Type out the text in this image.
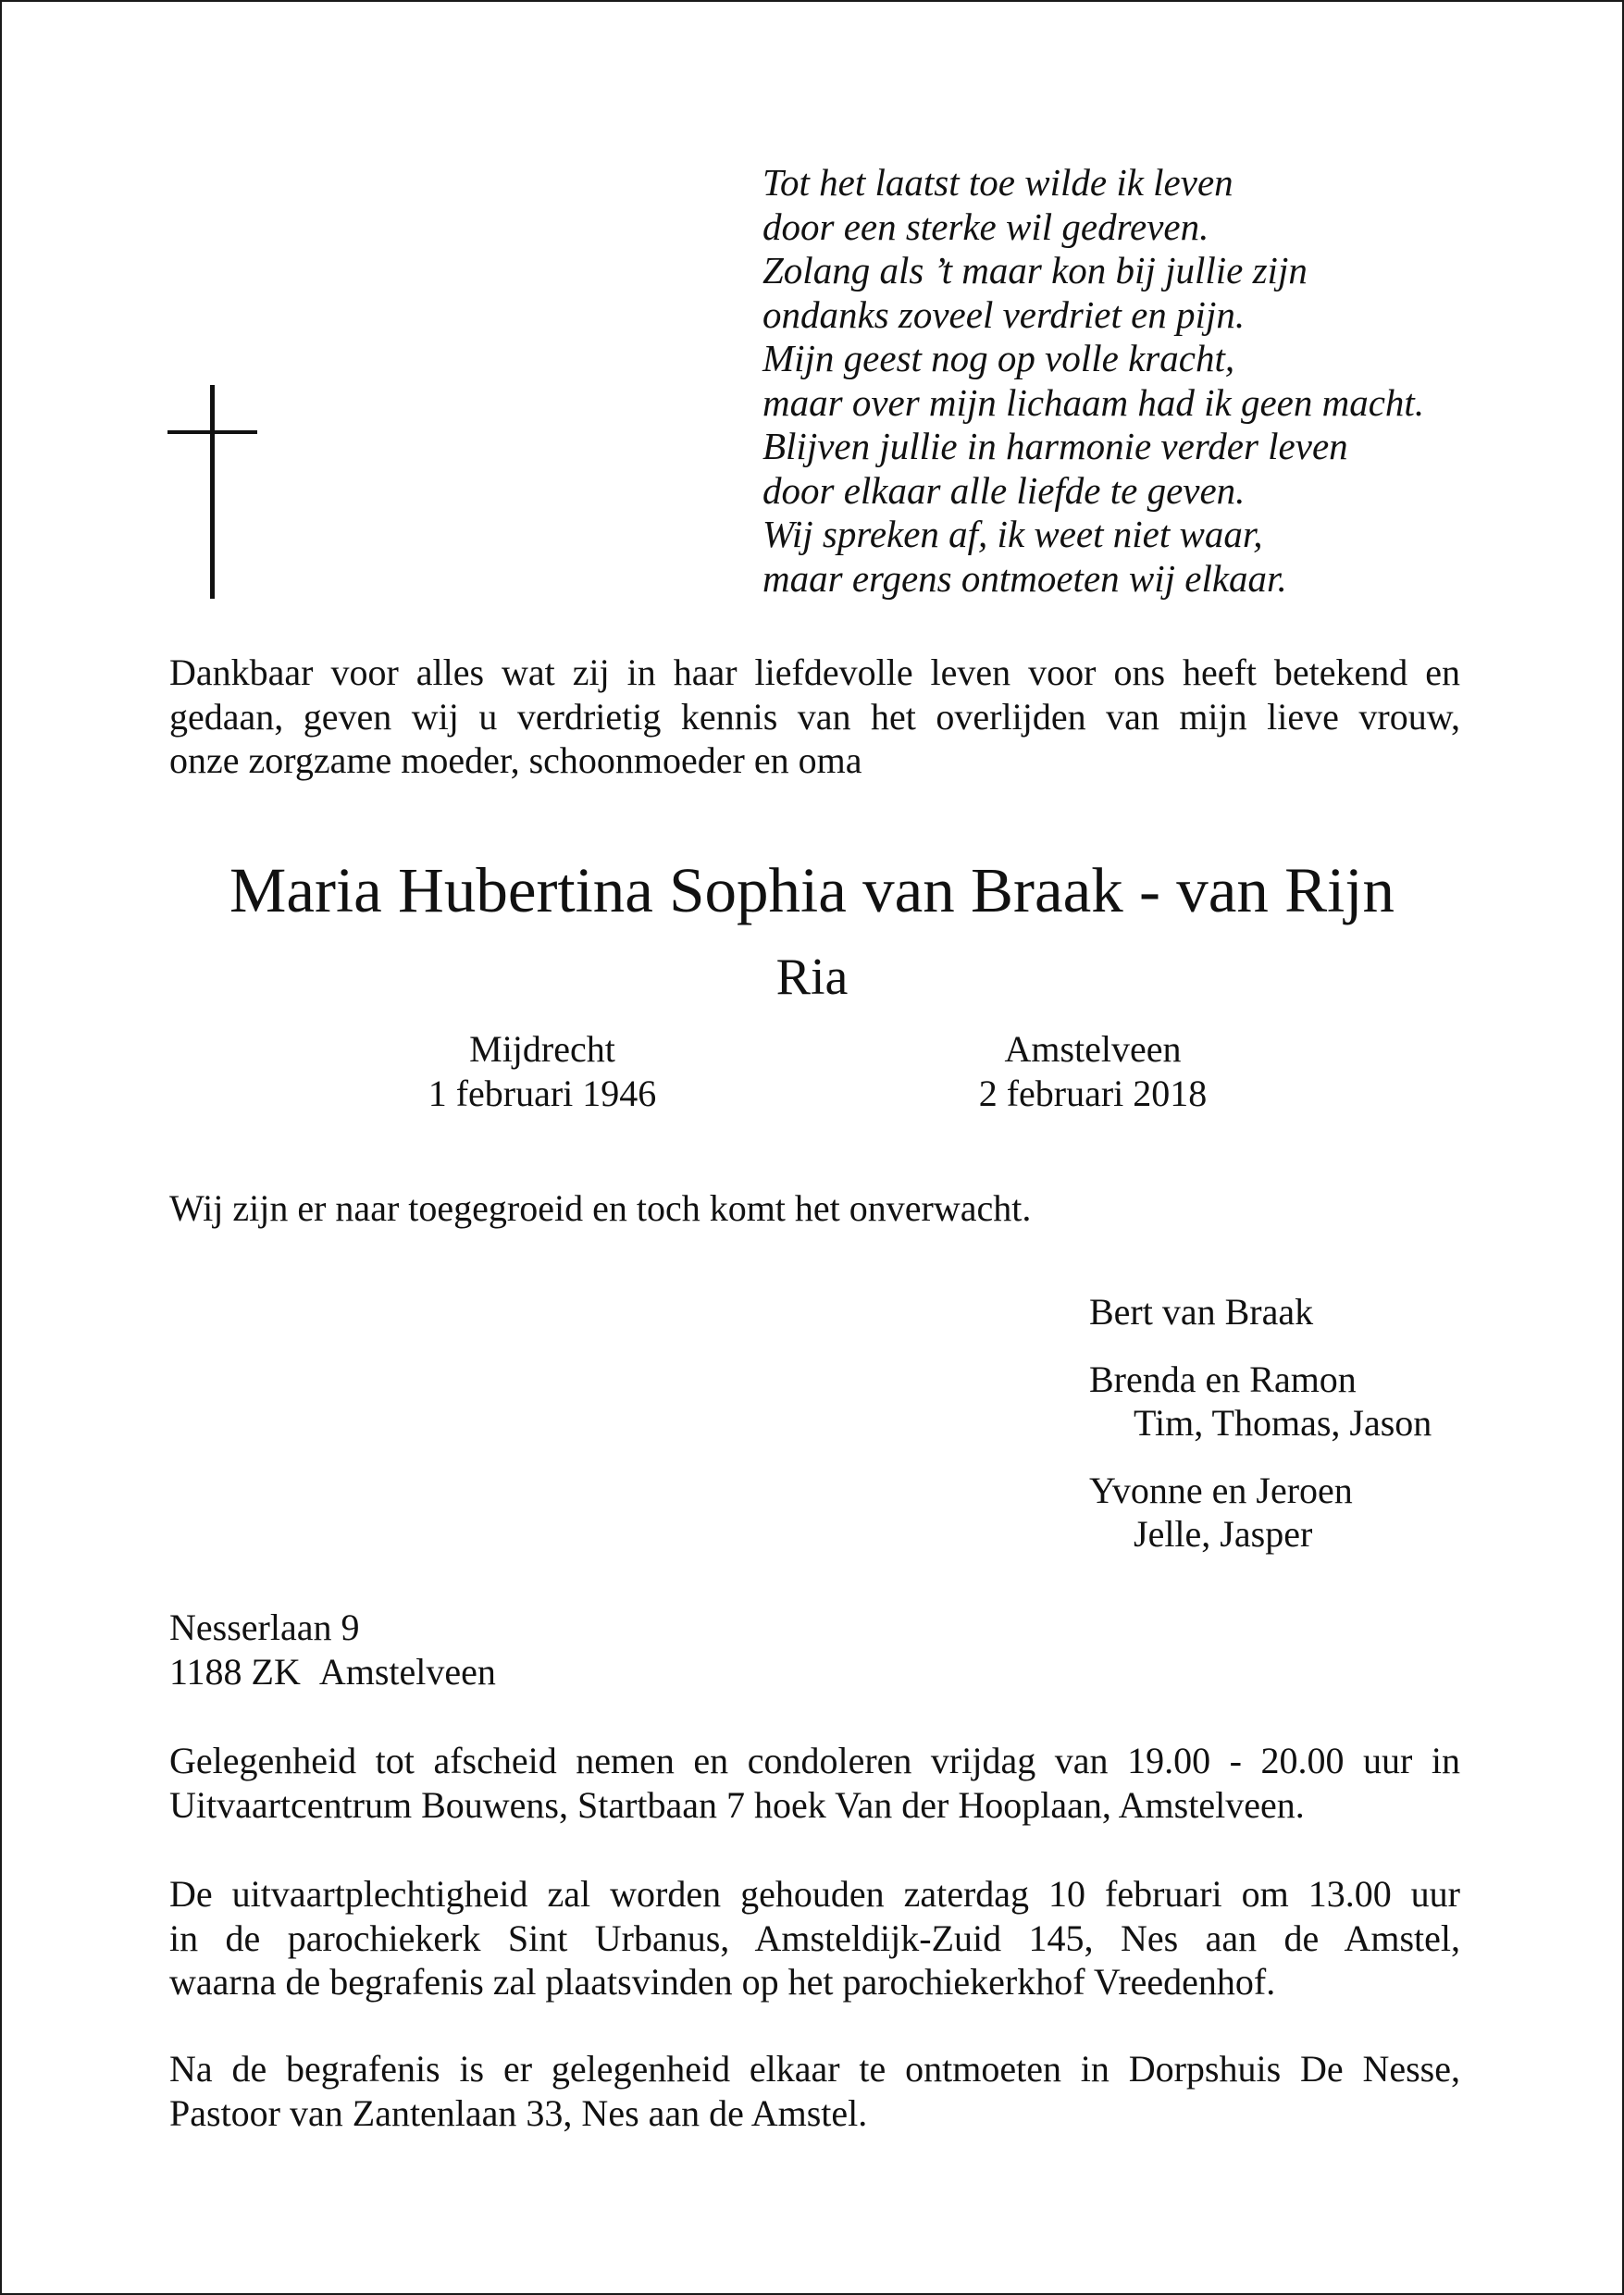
Tot het laatst toe wilde ik leven
door een sterke wil gedreven.
Zolang als ’t maar kon bij jullie zijn
ondanks zoveel verdriet en pijn.
Mijn geest nog op volle kracht,
maar over mijn lichaam had ik geen macht.
Blijven jullie in harmonie verder leven
door elkaar alle liefde te geven.
Wij spreken af, ik weet niet waar,
maar ergens ontmoeten wij elkaar.
Dankbaar voor alles wat zij in haar liefdevolle leven voor ons heeft betekend en
gedaan, geven wij u verdrietig kennis van het overlijden van mijn lieve vrouw,
onze zorgzame moeder, schoonmoeder en oma
Maria Hubertina Sophia van Braak - van Rijn
Ria
Mijdrecht
1 februari 1946
Amstelveen
2 februari 2018
Wij zijn er naar toegegroeid en toch komt het onverwacht.
Bert van Braak
Brenda en Ramon
Tim, Thomas, Jason
Yvonne en Jeroen
Jelle, Jasper
Nesserlaan 9
1188 ZK  Amstelveen
Gelegenheid tot afscheid nemen en condoleren vrijdag van 19.00 - 20.00 uur in
Uitvaartcentrum Bouwens, Startbaan 7 hoek Van der Hooplaan, Amstelveen.
De uitvaartplechtigheid zal worden gehouden zaterdag 10 februari om 13.00 uur
in de parochiekerk Sint Urbanus, Amsteldijk-Zuid 145, Nes aan de Amstel,
waarna de begrafenis zal plaatsvinden op het parochiekerkhof Vreedenhof.
Na de begrafenis is er gelegenheid elkaar te ontmoeten in Dorpshuis De Nesse,
Pastoor van Zantenlaan 33, Nes aan de Amstel.
